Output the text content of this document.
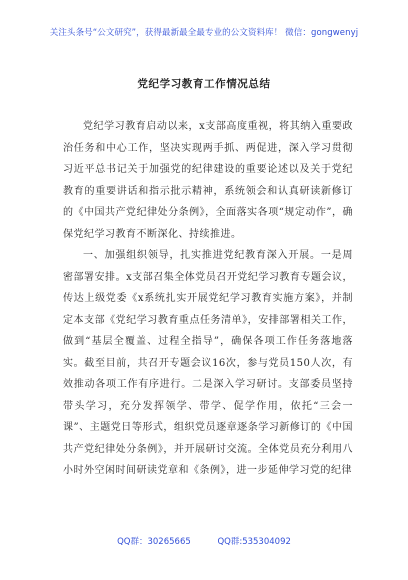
关注头条号“公文研究”，获得最新最全最专业的公文资料库！ 微信：gongwenyj
党纪学习教育工作情况总结

党纪学习教育启动以来，x支部高度重视，将其纳入重要政治任务和中心工作，坚决实现两手抓、两促进，深入学习贯彻习近平总书记关于加强党的纪律建设的重要论述以及关于党纪教育的重要讲话和指示批示精神，系统领会和认真研读新修订的《中国共产党纪律处分条例》，全面落实各项“规定动作”，确保党纪学习教育不断深化、持续推进。

一、加强组织领导，扎实推进党纪教育深入开展。一是周密部署安排。x支部召集全体党员召开党纪学习教育专题会议，传达上级党委《x系统扎实开展党纪学习教育实施方案》，并制定本支部《党纪学习教育重点任务清单》，安排部署相关工作，做到“基层全覆盖、过程全指导”，确保各项工作任务落地落实。截至目前，共召开专题会议16次，参与党员150人次，有效推动各项工作有序进行。二是深入学习研讨。支部委员坚持带头学习，充分发挥领学、带学、促学作用，依托“三会一课”、主题党日等形式，组织党员逐章逐条学习新修订的《中国共产党纪律处分条例》，并开展研讨交流。全体党员充分利用八小时外空闲时间研读党章和《条例》，进一步延伸学习党的纪律

QQ群：30265665	QQ群:535304092
